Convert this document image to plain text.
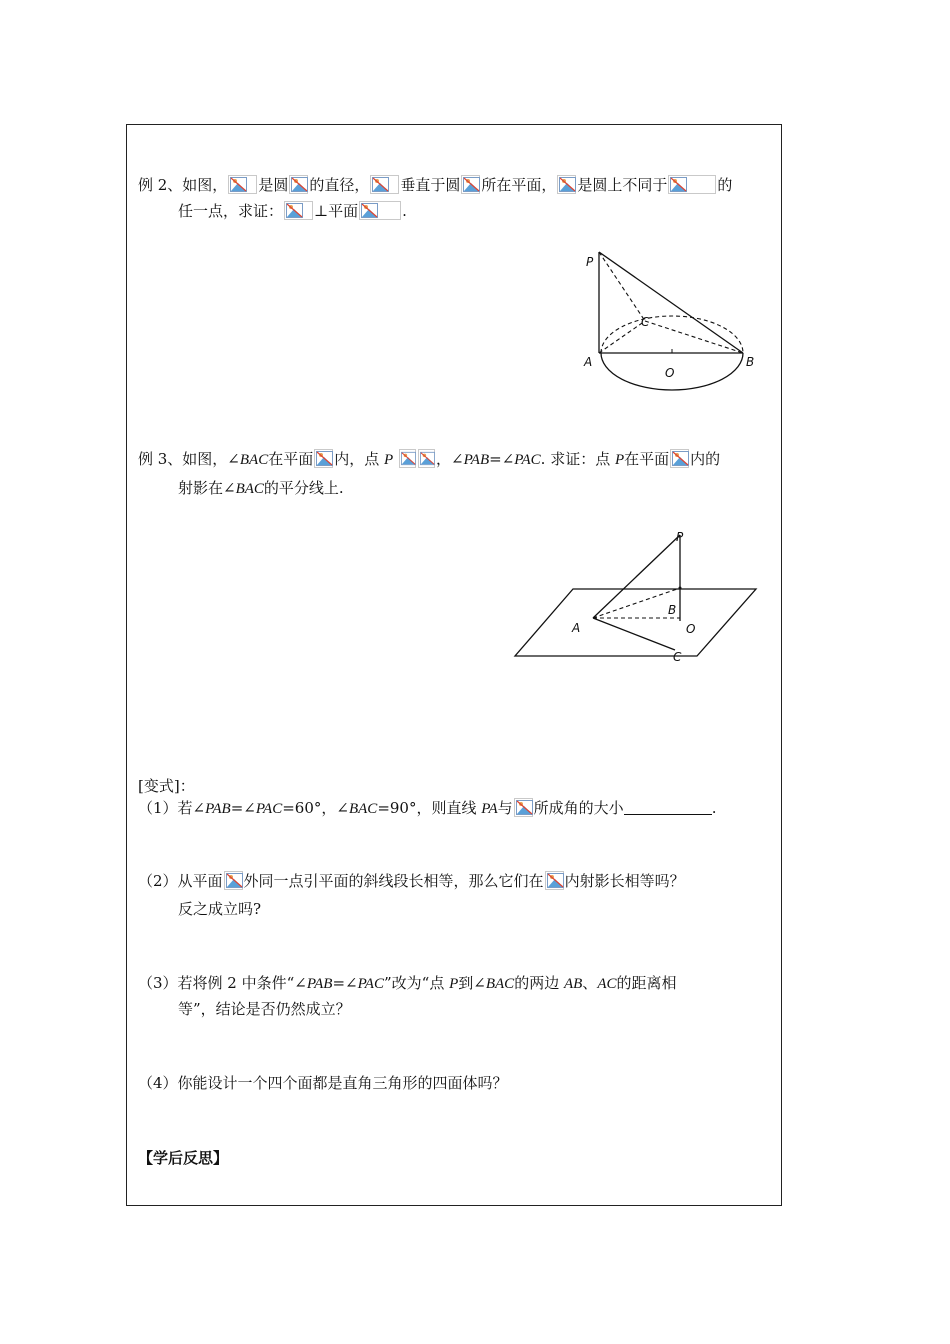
例 2、如图， 是圆 的直径， 垂直于圆 所在平面， 是圆上不同于	的
任一点，求证： ⊥平面	.
P
C
A	B
O
例 3、如图，∠BAC在平面 内，点 P	，∠PAB=∠PAC. 求证：点 P在平面 内的
射影在∠BAC的平分线上.
P
B
A	O
C
[变式]：
（1）若∠PAB=∠PAC=60°，∠BAC=90°，则直线 PA与 所成角的大小	.
（2）从平面 外同一点引平面的斜线段长相等，那么它们在 内射影长相等吗？
反之成立吗?
（3）若将例 2 中条件“∠PAB=∠PAC”改为“点 P到∠BAC的两边 AB、AC的距离相
等”，结论是否仍然成立？
（4）你能设计一个四个面都是直角三角形的四面体吗？
【学后反思】
